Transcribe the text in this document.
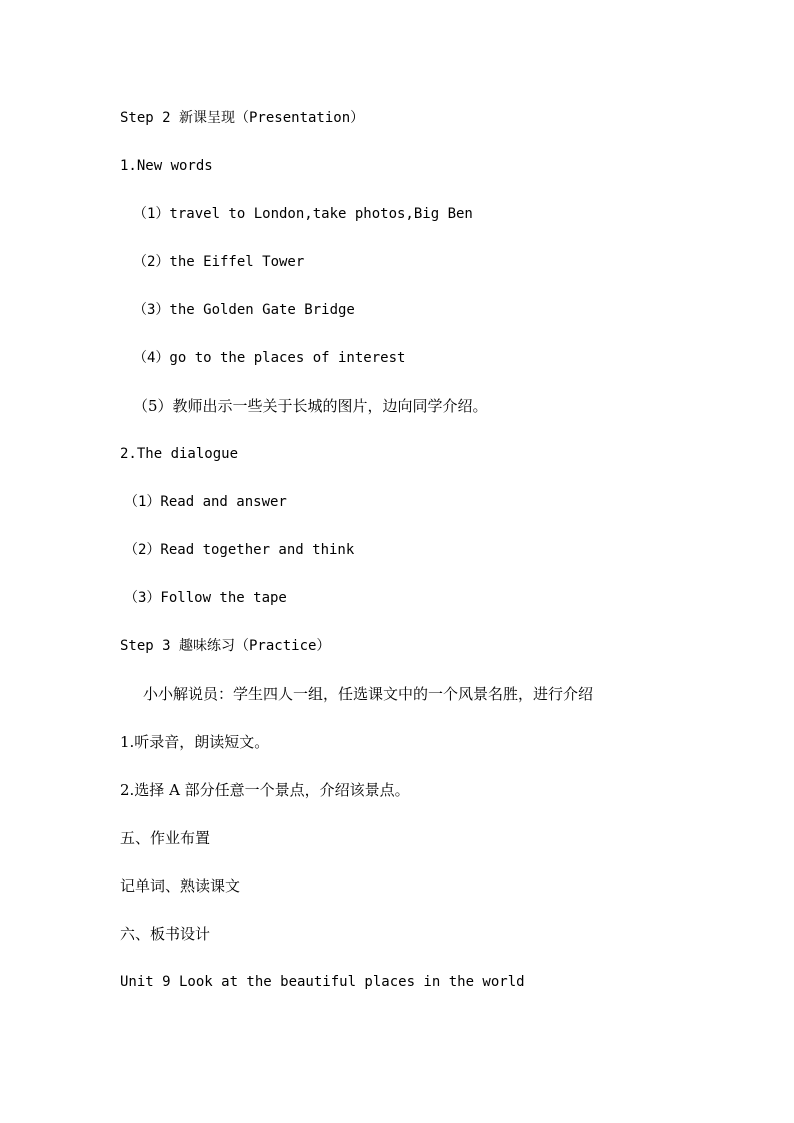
Step 2 新课呈现（Presentation）

1.New words

（1）travel to London,take photos,Big Ben

（2）the Eiffel Tower

（3）the Golden Gate Bridge

（4）go to the places of interest

（5）教师出示一些关于长城的图片，边向同学介绍。

2.The dialogue

（1）Read and answer

（2）Read together and think

（3）Follow the tape

Step 3 趣味练习（Practice）

小小解说员：学生四人一组，任选课文中的一个风景名胜，进行介绍

1.听录音，朗读短文。

2.选择 A 部分任意一个景点，介绍该景点。

五、作业布置

记单词、熟读课文

六、板书设计

Unit 9 Look at the beautiful places in the world
